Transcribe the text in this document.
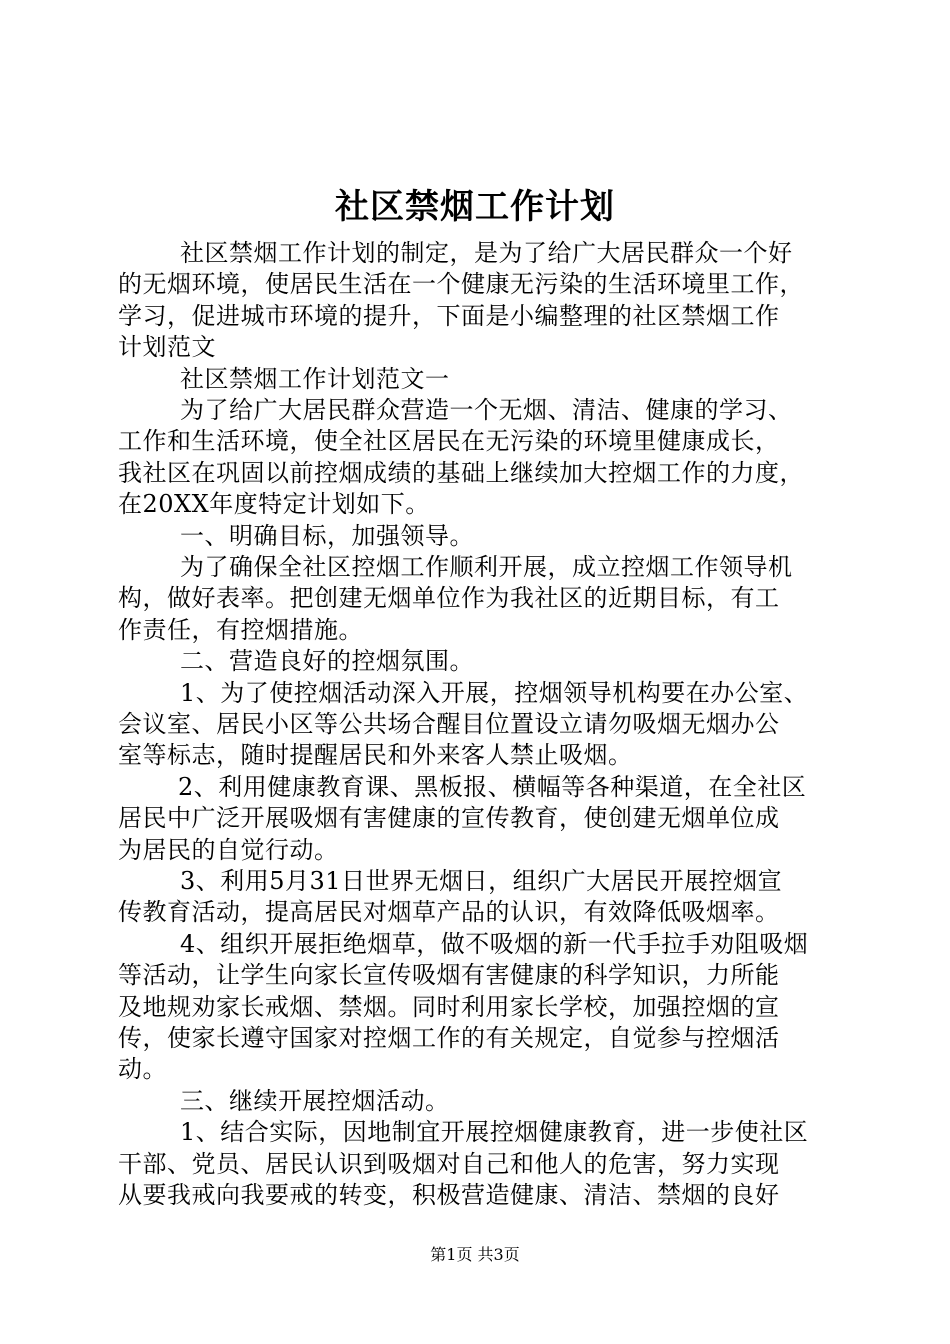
社区禁烟工作计划
社区禁烟工作计划的制定，是为了给广大居民群众一个好
的无烟环境，使居民生活在一个健康无污染的生活环境里工作，
学习，促进城市环境的提升，下面是小编整理的社区禁烟工作
计划范文
社区禁烟工作计划范文一
为了给广大居民群众营造一个无烟、清洁、健康的学习、
工作和生活环境，使全社区居民在无污染的环境里健康成长，
我社区在巩固以前控烟成绩的基础上继续加大控烟工作的力度，
在20XX年度特定计划如下。
一、明确目标，加强领导。
为了确保全社区控烟工作顺利开展，成立控烟工作领导机
构，做好表率。把创建无烟单位作为我社区的近期目标，有工
作责任，有控烟措施。
二、营造良好的控烟氛围。
1、为了使控烟活动深入开展，控烟领导机构要在办公室、
会议室、居民小区等公共场合醒目位置设立请勿吸烟无烟办公
室等标志，随时提醒居民和外来客人禁止吸烟。
2、利用健康教育课、黑板报、横幅等各种渠道，在全社区
居民中广泛开展吸烟有害健康的宣传教育，使创建无烟单位成
为居民的自觉行动。
3、利用5月31日世界无烟日，组织广大居民开展控烟宣
传教育活动，提高居民对烟草产品的认识，有效降低吸烟率。
4、组织开展拒绝烟草，做不吸烟的新一代手拉手劝阻吸烟
等活动，让学生向家长宣传吸烟有害健康的科学知识，力所能
及地规劝家长戒烟、禁烟。同时利用家长学校，加强控烟的宣
传，使家长遵守国家对控烟工作的有关规定，自觉参与控烟活
动。
三、继续开展控烟活动。
1、结合实际，因地制宜开展控烟健康教育，进一步使社区
干部、党员、居民认识到吸烟对自己和他人的危害，努力实现
从要我戒向我要戒的转变，积极营造健康、清洁、禁烟的良好
第1页 共3页
